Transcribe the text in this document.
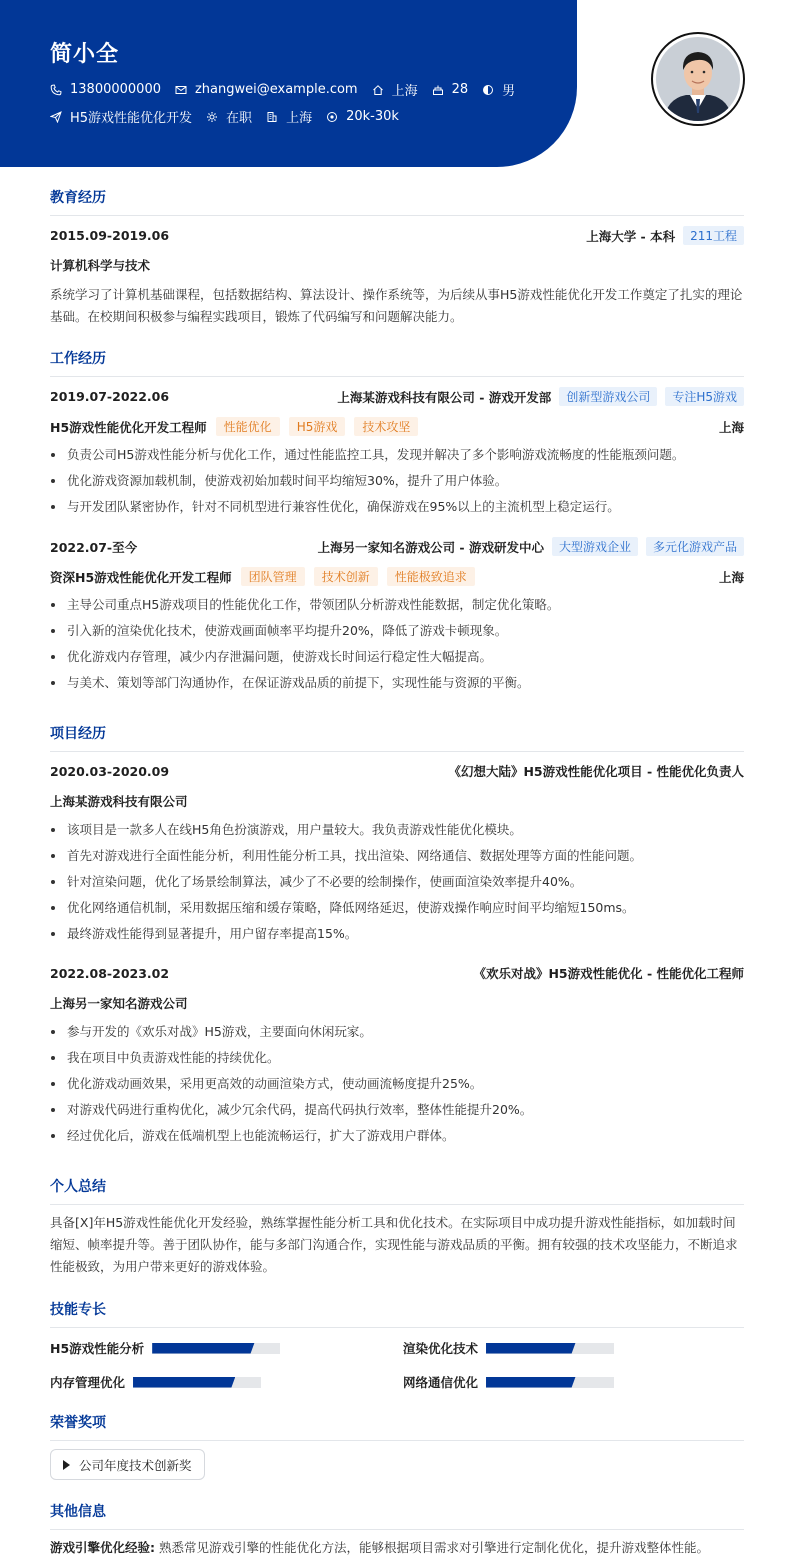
简小全
13800000000	zhangwei@example.com	上海	28	男
H5游戏性能优化开发	在职	上海	20k-30k
教育经历
2015.09-2019.06	上海大学 - 本科	211工程
计算机科学与技术
系统学习了计算机基础课程，包括数据结构、算法设计、操作系统等，为后续从事H5游戏性能优化开发工作奠定了扎实的理论基础。在校期间积极参与编程实践项目，锻炼了代码编写和问题解决能力。
工作经历
2019.07-2022.06	上海某游戏科技有限公司 - 游戏开发部	创新型游戏公司	专注H5游戏
H5游戏性能优化开发工程师	性能优化	H5游戏	技术攻坚	上海
负责公司H5游戏性能分析与优化工作，通过性能监控工具，发现并解决了多个影响游戏流畅度的性能瓶颈问题。
优化游戏资源加载机制，使游戏初始加载时间平均缩短30%，提升了用户体验。
与开发团队紧密协作，针对不同机型进行兼容性优化，确保游戏在95%以上的主流机型上稳定运行。
2022.07-至今	上海另一家知名游戏公司 - 游戏研发中心	大型游戏企业	多元化游戏产品
资深H5游戏性能优化开发工程师	团队管理	技术创新	性能极致追求	上海
主导公司重点H5游戏项目的性能优化工作，带领团队分析游戏性能数据，制定优化策略。
引入新的渲染优化技术，使游戏画面帧率平均提升20%，降低了游戏卡顿现象。
优化游戏内存管理，减少内存泄漏问题，使游戏长时间运行稳定性大幅提高。
与美术、策划等部门沟通协作，在保证游戏品质的前提下，实现性能与资源的平衡。
项目经历
2020.03-2020.09	《幻想大陆》H5游戏性能优化项目 - 性能优化负责人
上海某游戏科技有限公司
该项目是一款多人在线H5角色扮演游戏，用户量较大。我负责游戏性能优化模块。
首先对游戏进行全面性能分析，利用性能分析工具，找出渲染、网络通信、数据处理等方面的性能问题。
针对渲染问题，优化了场景绘制算法，减少了不必要的绘制操作，使画面渲染效率提升40%。
优化网络通信机制，采用数据压缩和缓存策略，降低网络延迟，使游戏操作响应时间平均缩短150ms。
最终游戏性能得到显著提升，用户留存率提高15%。
2022.08-2023.02	《欢乐对战》H5游戏性能优化 - 性能优化工程师
上海另一家知名游戏公司
参与开发的《欢乐对战》H5游戏，主要面向休闲玩家。
我在项目中负责游戏性能的持续优化。
优化游戏动画效果，采用更高效的动画渲染方式，使动画流畅度提升25%。
对游戏代码进行重构优化，减少冗余代码，提高代码执行效率，整体性能提升20%。
经过优化后，游戏在低端机型上也能流畅运行，扩大了游戏用户群体。
个人总结
具备[X]年H5游戏性能优化开发经验，熟练掌握性能分析工具和优化技术。在实际项目中成功提升游戏性能指标，如加载时间缩短、帧率提升等。善于团队协作，能与多部门沟通合作，实现性能与游戏品质的平衡。拥有较强的技术攻坚能力，不断追求性能极致，为用户带来更好的游戏体验。
技能专长
H5游戏性能分析	渲染优化技术
内存管理优化	网络通信优化
荣誉奖项
公司年度技术创新奖
其他信息
游戏引擎优化经验: 熟悉常见游戏引擎的性能优化方法，能够根据项目需求对引擎进行定制化优化，提升游戏整体性能。
